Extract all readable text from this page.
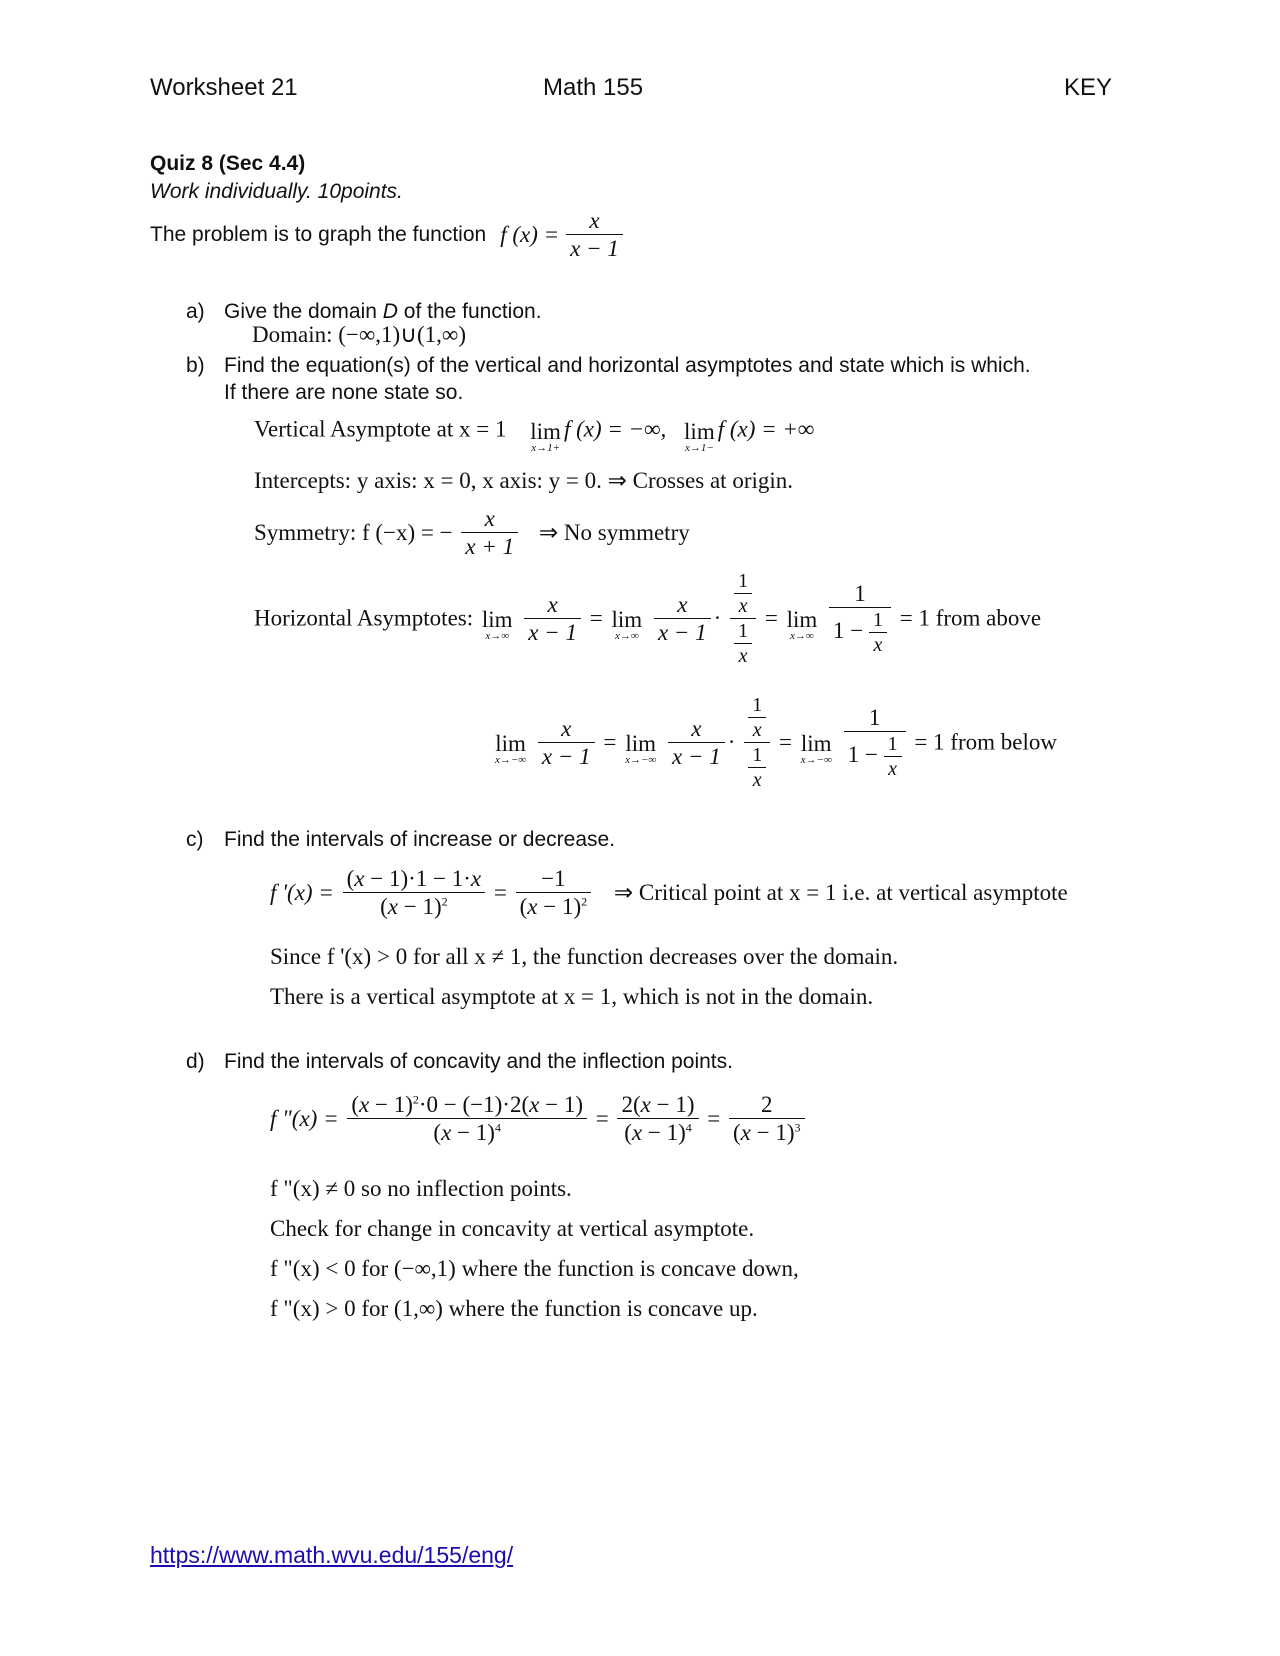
Worksheet 21	Math 155	KEY
Quiz 8 (Sec 4.4)
Work individually. 10points.
The problem is to graph the function f $(x) = \frac{x}{x - 1}$
a) Give the domain D of the function.
Domain: (−∞,1)∪(1,∞)
b) Find the equation(s) of the vertical and horizontal asymptotes and state which is which.
If there are none state so.
Vertical Asymptote at x = 1 lim
x→1+
f (x) = −∞, lim
x→1−
f (x) = +∞
Intercepts: y axis: x = 0, x axis: y = 0. ⇒ Crosses at origin.
Symmetry: f (−x) = − $\frac{x}{x + 1}$ ⇒ No symmetry
Horizontal Asymptotes: lim
x→∞
$\frac{x}{x - 1} = \lim$
x→∞
$\frac{x}{x - 1} \cdot \frac{\frac{1}{x}}{\frac{1}{x}} = \lim$
x→∞
$\frac{1}{1 - \frac{1}{x}} = 1$ from above
lim
x→−∞
$\frac{x}{x - 1} = \lim$
x→−∞
$\frac{x}{x - 1} \cdot \frac{\frac{1}{x}}{\frac{1}{x}} = \lim$
x→−∞
$\frac{1}{1 - \frac{1}{x}} = 1$ from below
c) Find the intervals of increase or decrease.
f '$(x) = \frac{(x - 1)\cdot 1 - 1\cdot x}{(x - 1)^2} = \frac{-1}{(x - 1)^2}$ ⇒ Critical point at x = 1 i.e. at vertical asymptote
Since f '(x) > 0 for all x ≠ 1, the function decreases over the domain.
There is a vertical asymptote at x = 1, which is not in the domain.
d) Find the intervals of concavity and the inflection points.
f "$(x) = \frac{(x - 1)^2\cdot 0 - (-1)\cdot 2(x - 1)}{(x - 1)^4} = \frac{2(x - 1)}{(x - 1)^4} = \frac{2}{(x - 1)^3}$
f "(x) ≠ 0 so no inflection points.
Check for change in concavity at vertical asymptote.
f "(x) < 0 for (−∞,1) where the function is concave down,
f "(x) > 0 for (1,∞) where the function is concave up.
https://www.math.wvu.edu/155/eng/
